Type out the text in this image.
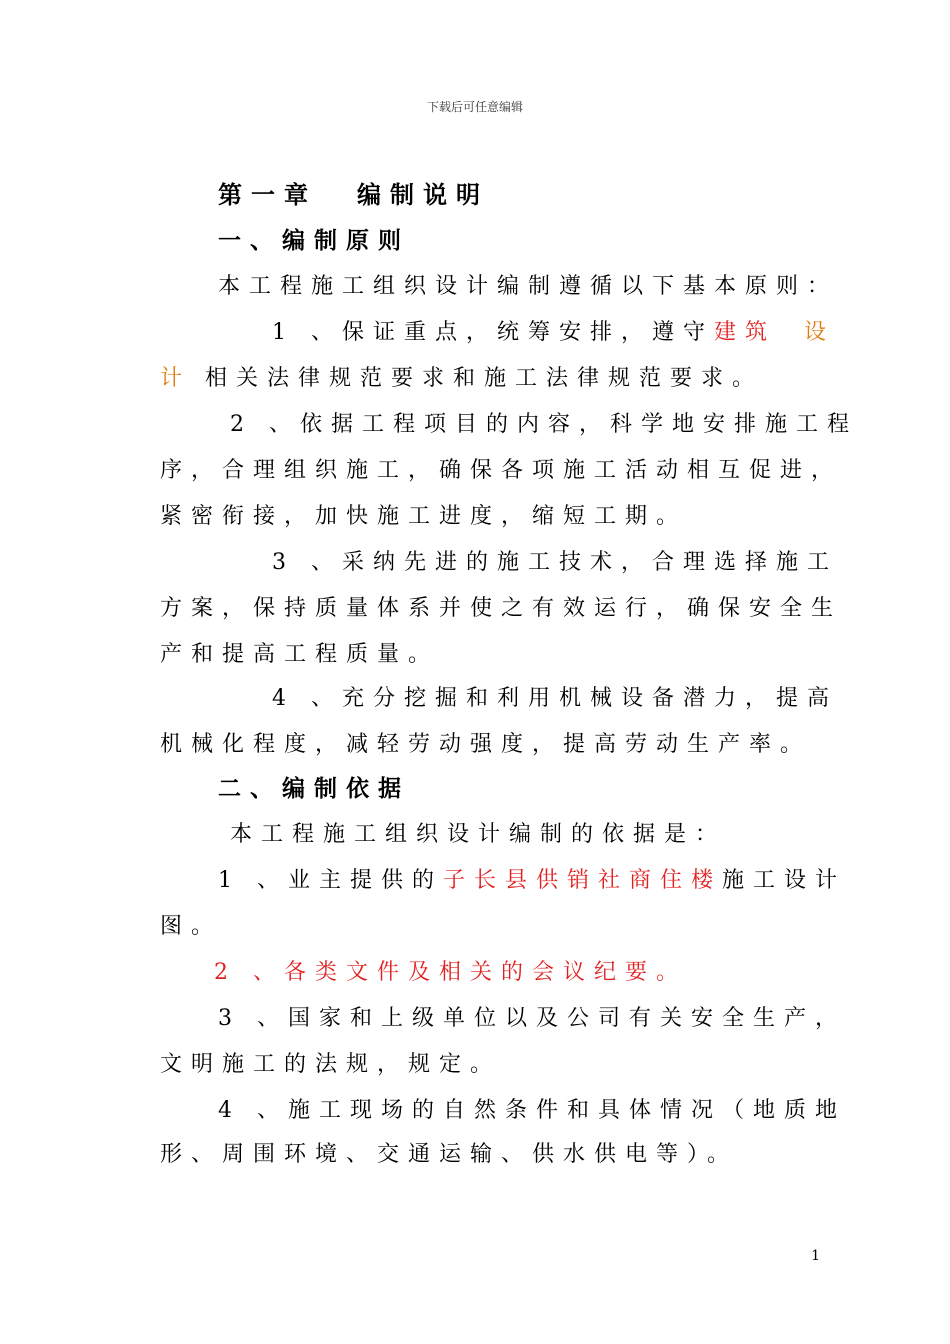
下载后可任意编辑
第一章 编制说明
一、编制原则
本工程施工组织设计编制遵循以下基本原则：
1 、保证重点，统筹安排，遵守建筑 设
计 相关法律规范要求和施工法律规范要求。
2 、依据工程项目的内容，科学地安排施工程
序，合理组织施工，确保各项施工活动相互促进，
紧密衔接，加快施工进度，缩短工期。
3 、采纳先进的施工技术，合理选择施工
方案，保持质量体系并使之有效运行，确保安全生
产和提高工程质量。
4 、充分挖掘和利用机械设备潜力，提高
机械化程度，减轻劳动强度，提高劳动生产率。
二、编制依据
本工程施工组织设计编制的依据是：
1 、业主提供的子长县供销社商住楼施工设计
图。
2 、各类文件及相关的会议纪要。
3 、国家和上级单位以及公司有关安全生产，
文明施工的法规，规定。
4 、施工现场的自然条件和具体情况（地质地
形、周围环境、交通运输、供水供电等）。
1
